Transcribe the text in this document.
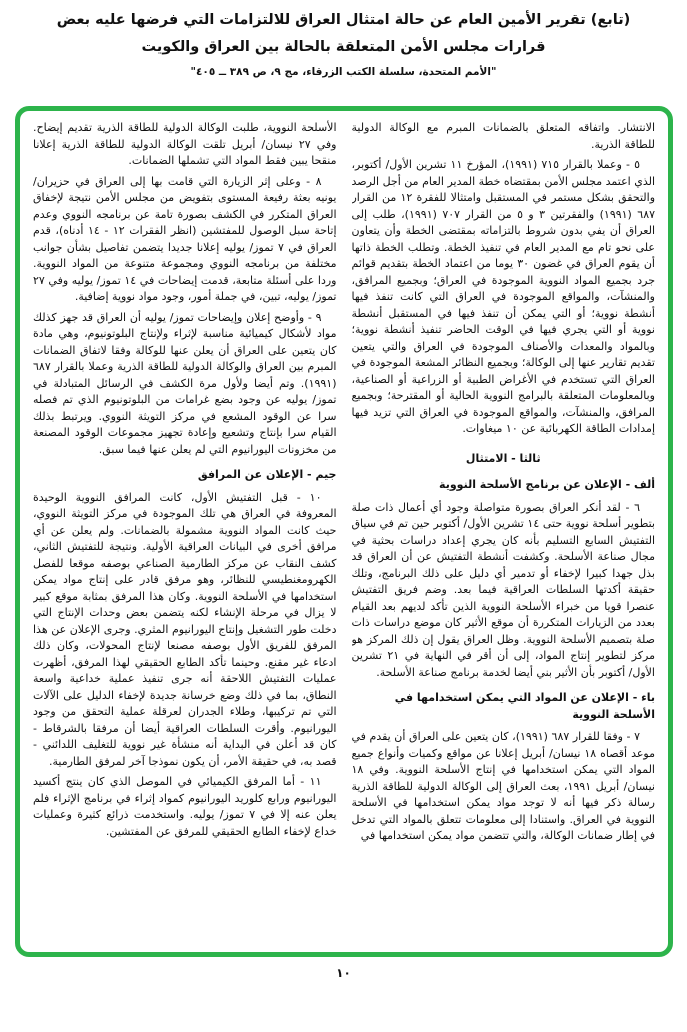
(تابع) تقرير الأمين العام عن حالة امتثال العراق للالتزامات التي فرضها عليه بعض
قرارات مجلس الأمن المتعلقة بالحالة بين العراق والكويت
"الأمم المتحدة، سلسلة الكتب الزرقاء، مج ٩، ص ٣٨٩ ــ ٤٠٥"
الانتشار. واتفاقه المتعلق بالضمانات المبرم مع الوكالة الدولية للطاقة الذرية.
٥ - وعملا بالقرار ٧١٥ (١٩٩١)، المؤرخ ١١ تشرين الأول/ أكتوبر، الذي اعتمد مجلس الأمن بمقتضاه خطة المدير العام من أجل الرصد والتحقق بشكل مستمر في المستقبل وامتثالا للفقرة ١٢ من القرار ٦٨٧ (١٩٩١) والفقرتين ٣ و ٥ من القرار ٧٠٧ (١٩٩١)، طلب إلى العراق أن يفي بدون شروط بالتزاماته بمقتضى الخطة وأن يتعاون على نحو تام مع المدير العام في تنفيذ الخطة. وتطلب الخطة ذاتها أن يقوم العراق في غضون ٣٠ يوما من اعتماد الخطة بتقديم قوائم جرد بجميع المواد النووية الموجودة في العراق؛ وبجميع المرافق، والمنشآت، والمواقع الموجودة في العراق التي كانت تنفذ فيها أنشطة نووية؛ أو التي يمكن أن تنفذ فيها في المستقبل أنشطة نووية أو التي يجري فيها في الوقت الحاضر تنفيذ أنشطة نووية؛ وبالمواد والمعدات والأصناف الموجودة في العراق والتي يتعين تقديم تقارير عنها إلى الوكالة؛ وبجميع النظائر المشعة الموجودة في العراق التي تستخدم في الأغراض الطبية أو الزراعية أو الصناعية، وبالمعلومات المتعلقة بالبرامج النووية الحالية أو المقترحة؛ وبجميع المرافق، والمنشآت، والمواقع الموجودة في العراق التي تزيد فيها إمدادات الطاقة الكهربائية عن ١٠ ميغاوات.
ثالثا - الامتثال
ألف - الإعلان عن برنامج الأسلحة النووية
٦ - لقد أنكر العراق بصورة متواصلة وجود أي أعمال ذات صلة بتطوير أسلحة نووية حتى ١٤ تشرين الأول/ أكتوبر حين تم في سياق التفتيش السابع التسليم بأنه كان يجري إعداد دراسات بحثية في مجال صناعة الأسلحة. وكشفت أنشطة التفتيش عن أن العراق قد بذل جهدا كبيرا لإخفاء أو تدمير أي دليل على ذلك البرنامج، وتلك حقيقة أكدتها السلطات العراقية فيما بعد. وضم فريق التفتيش عنصرا قويا من خبراء الأسلحة النووية الذين تأكد لديهم بعد القيام بعدد من الزيارات المتكررة أن موقع الأثير كان موضع دراسات ذات صلة بتصميم الأسلحة النووية. وظل العراق يقول إن ذلك المركز هو مركز لتطوير إنتاج المواد، إلى أن أقر في النهاية في ٢١ تشرين الأول/ أكتوبر بأن الأثير بني أيضا لخدمة برنامج صناعة الأسلحة.
باء - الإعلان عن المواد التي يمكن استخدامها في الأسلحة النووية
٧ - وفقا للقرار ٦٨٧ (١٩٩١)، كان يتعين على العراق أن يقدم في موعد أقصاه ١٨ نيسان/ أبريل إعلانا عن مواقع وكميات وأنواع جميع المواد التي يمكن استخدامها في إنتاج الأسلحة النووية. وفي ١٨ نيسان/ أبريل ١٩٩١، بعث العراق إلى الوكالة الدولية للطاقة الذرية رسالة ذكر فيها أنه لا توجد مواد يمكن استخدامها في الأسلحة النووية في العراق. واستنادا إلى معلومات تتعلق بالمواد التي تدخل في إطار ضمانات الوكالة، والتي تتضمن مواد يمكن استخدامها في
الأسلحة النووية، طلبت الوكالة الدولية للطاقة الذرية تقديم إيضاح. وفي ٢٧ نيسان/ أبريل تلقت الوكالة الدولية للطاقة الذرية إعلانا منقحا يبين فقط المواد التي تشملها الضمانات.
٨ - وعلى إثر الزيارة التي قامت بها إلى العراق في حزيران/ يونيه بعثة رفيعة المستوى بتفويض من مجلس الأمن نتيجة لإخفاق العراق المتكرر في الكشف بصورة تامة عن برنامجه النووي وعدم إتاحة سبل الوصول للمفتشين (انظر الفقرات ١٢ - ١٤ أدناه)، قدم العراق في ٧ تموز/ يوليه إعلانا جديدا يتضمن تفاصيل بشأن جوانب مختلفة من برنامجه النووي ومجموعة متنوعة من المواد النووية. وردا على أسئلة متابعة، قدمت إيضاحات في ١٤ تموز/ يوليه وفي ٢٧ تموز/ يوليه، تبين، في جملة أمور، وجود مواد نووية إضافية.
٩ - وأوضح إعلان وإيضاحات تموز/ يوليه أن العراق قد جهز كذلك مواد لأشكال كيميائية مناسبة لإثراء ولإنتاج البلوتونيوم، وهي مادة كان يتعين على العراق أن يعلن عنها للوكالة وفقا لاتفاق الضمانات المبرم بين العراق والوكالة الدولية للطاقة الذرية وعملا بالقرار ٦٨٧ (١٩٩١). وتم أيضا ولأول مرة الكشف في الرسائل المتبادلة في تموز/ يوليه عن وجود بضع غرامات من البلوتونيوم الذي تم فصله سرا عن الوقود المشعع في مركز التويثة النووي. ويرتبط بذلك القيام سرا بإنتاج وتشعيع وإعادة تجهيز مجموعات الوقود المصنعة من مخزونات اليورانيوم التي لم يعلن عنها فيما سبق.
جيم - الإعلان عن المرافق
١٠ - قبل التفتيش الأول، كانت المرافق النووية الوحيدة المعروفة في العراق هي تلك الموجودة في مركز التويثة النووي، حيث كانت المواد النووية مشمولة بالضمانات. ولم يعلن عن أي مرافق أخرى في البيانات العراقية الأولية. ونتيجة للتفتيش الثاني، كشف النقاب عن مركز الطارمية الصناعي بوصفه موقعا للفصل الكهرومغنطيسي للنظائر، وهو مرفق قادر على إنتاج مواد يمكن استخدامها في الأسلحة النووية. وكان هذا المرفق بمثابة موقع كبير لا يزال في مرحلة الإنشاء لكنه يتضمن بعض وحدات الإنتاج التي دخلت طور التشغيل وإنتاج اليورانيوم المثري. وجرى الإعلان عن هذا المرفق للفريق الأول بوصفه مصنعا لإنتاج المحولات، وكان ذلك ادعاء غير مقنع. وحينما تأكد الطابع الحقيقي لهذا المرفق، أظهرت عمليات التفتيش اللاحقة أنه جرى تنفيذ عملية خداعية واسعة النطاق، بما في ذلك وضع خرسانة جديدة لإخفاء الدليل على الآلات التي تم تركيبها، وطلاء الجدران لعرقلة عملية التحقق من وجود اليورانيوم. وأقرت السلطات العراقية أيضا أن مرفقا بالشرقاط - كان قد أعلن في البداية أنه منشأة غير نووية للتغليف اللدائني - قصد به، في حقيقة الأمر، أن يكون نموذجا آخر لمرفق الطارمية.
١١ - أما المرفق الكيميائي في الموصل الذي كان ينتج أكسيد اليورانيوم ورابع كلوريد اليورانيوم كمواد إثراء في برنامج الإثراء فلم يعلن عنه إلا في ٧ تموز/ يوليه. واستخدمت ذرائع كثيرة وعمليات خداع لإخفاء الطابع الحقيقي للمرفق عن المفتشين.
١٠
